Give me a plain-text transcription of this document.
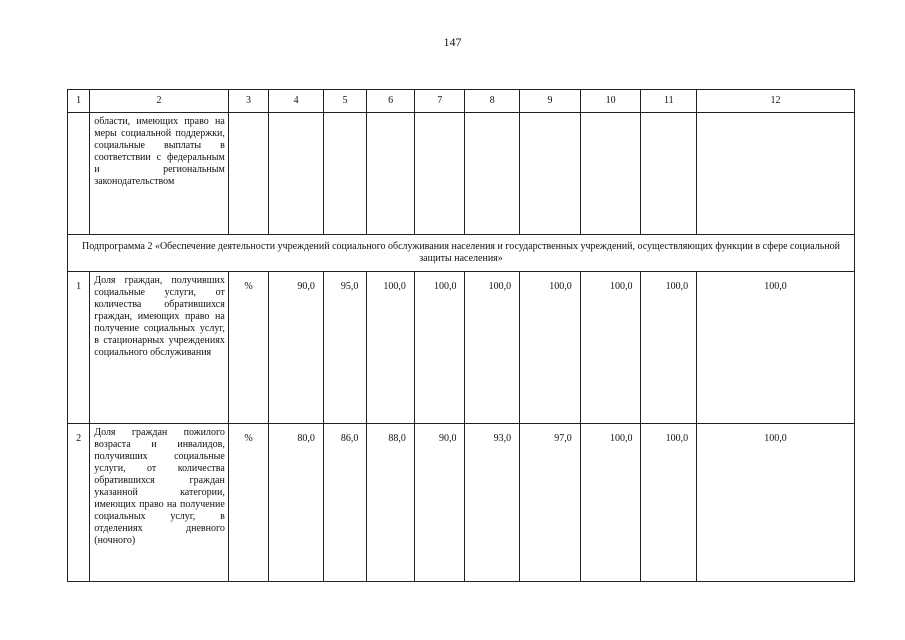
147
1	2	3	4	5	6	7	8	9	10	11	12

	области, имеющих право на меры социальной поддержки, социальные выплаты в соответствии с федеральным и региональным законодательством										

Подпрограмма 2 «Обеспечение деятельности учреждений социального обслуживания населения и государственных учреждений, осуществляющих функции в сфере социальной защиты населения»											
1	Доля граждан, получивших социальные услуги, от количества обратившихся граждан, имеющих право на получение социальных услуг, в стационарных учреждениях социального обслуживания	%	90,0	95,0	100,0	100,0	100,0	100,0	100,0	100,0	100,0
2	Доля граждан пожилого возраста и инвалидов, получивших социальные услуги, от количества обратившихся граждан указанной категории, имеющих право на получение социальных услуг, в отделениях дневного (ночного)	%	80,0	86,0	88,0	90,0	93,0	97,0	100,0	100,0	100,0
